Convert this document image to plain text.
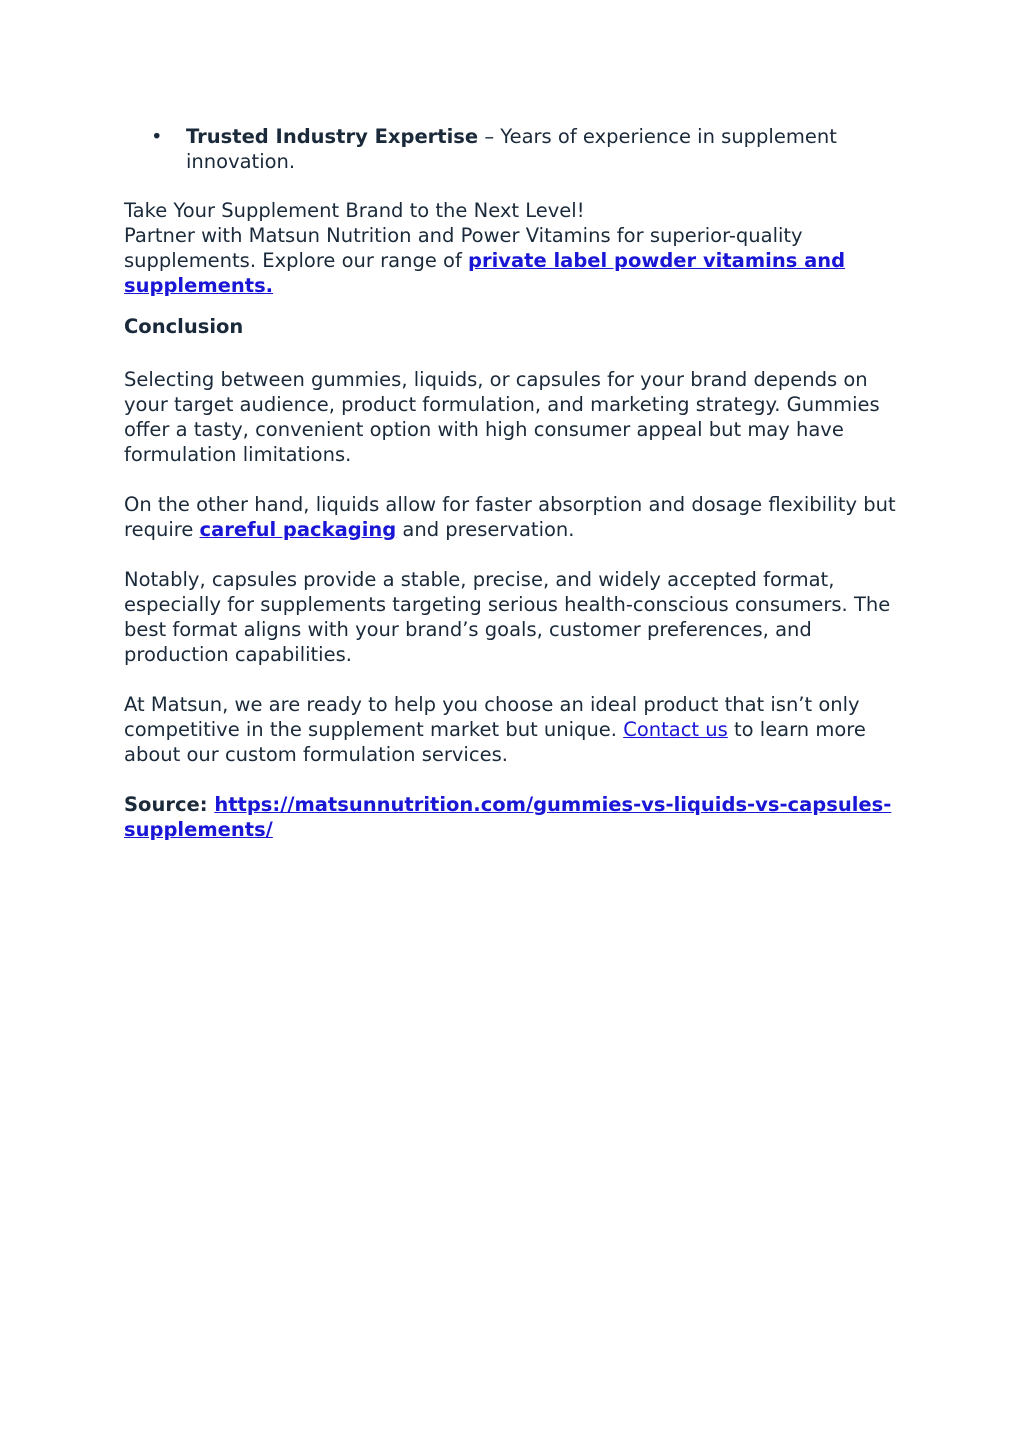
• Trusted Industry Expertise – Years of experience in supplement innovation.

Take Your Supplement Brand to the Next Level!
Partner with Matsun Nutrition and Power Vitamins for superior-quality supplements. Explore our range of private label powder vitamins and supplements.

Conclusion

Selecting between gummies, liquids, or capsules for your brand depends on your target audience, product formulation, and marketing strategy. Gummies offer a tasty, convenient option with high consumer appeal but may have formulation limitations.

On the other hand, liquids allow for faster absorption and dosage flexibility but require careful packaging and preservation.

Notably, capsules provide a stable, precise, and widely accepted format, especially for supplements targeting serious health-conscious consumers. The best format aligns with your brand’s goals, customer preferences, and production capabilities.

At Matsun, we are ready to help you choose an ideal product that isn’t only competitive in the supplement market but unique. Contact us to learn more about our custom formulation services.

Source: https://matsunnutrition.com/gummies-vs-liquids-vs-capsules-supplements/
